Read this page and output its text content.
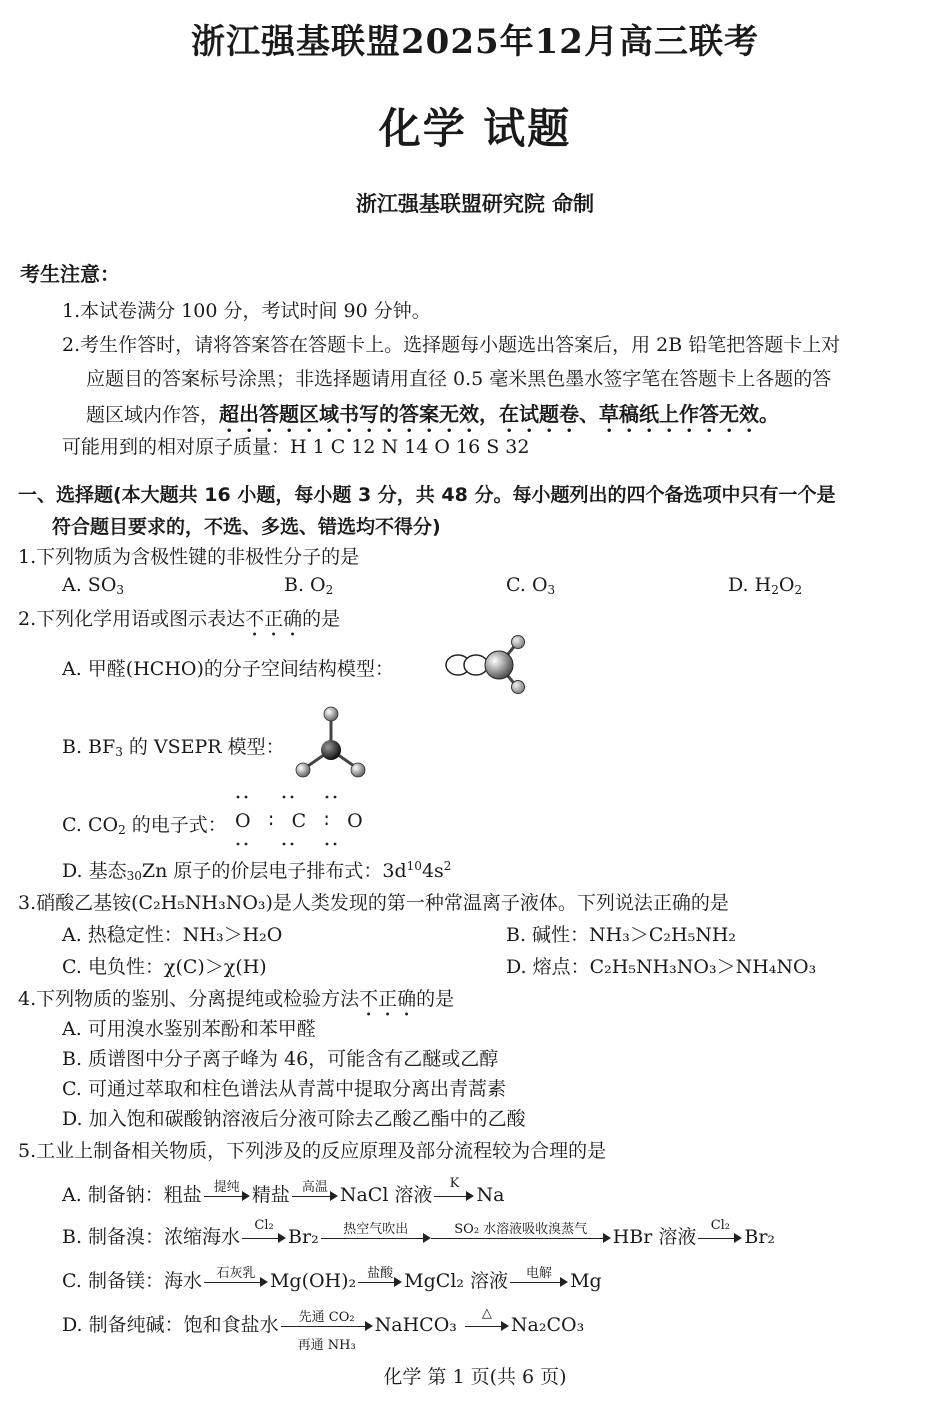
浙江强基联盟2025年12月高三联考
化学 试题
浙江强基联盟研究院 命制
考生注意：
1.本试卷满分 100 分，考试时间 90 分钟。
2.考生作答时，请将答案答在答题卡上。选择题每小题选出答案后，用 2B 铅笔把答题卡上对
应题目的答案标号涂黑；非选择题请用直径 0.5 毫米黑色墨水签字笔在答题卡上各题的答
题区域内作答，超出答题区域书写的答案无效，在试题卷、草稿纸上作答无效。
可能用到的相对原子质量：H 1 C 12 N 14 O 16 S 32
一、选择题(本大题共 16 小题，每小题 3 分，共 48 分。每小题列出的四个备选项中只有一个是
符合题目要求的，不选、多选、错选均不得分)
1.下列物质为含极性键的非极性分子的是
A. $SO_3$	B. $O_2$	C. $O_3$	D. $H_2O_2$
2.下列化学用语或图示表达不正确的是
A. 甲醛(HCHO)的分子空间结构模型：
B. $BF_3$ 的 VSEPR 模型：
C. $CO_2$ 的电子式： O ∶ C ∶ O
D. 基态$_{30}$Zn 原子的价层电子排布式：$3d^{10}4s^2$
3.硝酸乙基铵(C₂H₅NH₃NO₃)是人类发现的第一种常温离子液体。下列说法正确的是
A. 热稳定性：NH₃＞H₂O	B. 碱性：NH₃＞C₂H₅NH₂
C. 电负性：χ(C)＞χ(H)	D. 熔点：C₂H₅NH₃NO₃＞NH₄NO₃
4.下列物质的鉴别、分离提纯或检验方法不正确的是
A. 可用溴水鉴别苯酚和苯甲醛
B. 质谱图中分子离子峰为 46，可能含有乙醚或乙醇
C. 可通过萃取和柱色谱法从青蒿中提取分离出青蒿素
D. 加入饱和碳酸钠溶液后分液可除去乙酸乙酯中的乙酸
5.工业上制备相关物质，下列涉及的反应原理及部分流程较为合理的是
A. 制备钠：粗盐 提纯 精盐 高温 NaCl 溶液
K
Na
B. 制备溴：浓缩海水
Cl₂
Br₂	热空气吹出	SO₂ 水溶液吸收溴蒸气	HBr 溶液
Cl₂
Br₂
C. 制备镁：海水	石灰乳 Mg(OH)₂ 盐酸 MgCl₂ 溶液	电解 Mg
D. 制备纯碱：饱和食盐水	先通 CO₂
再通 NH₃
NaHCO₃
△
Na₂CO₃
化学 第 1 页(共 6 页)
